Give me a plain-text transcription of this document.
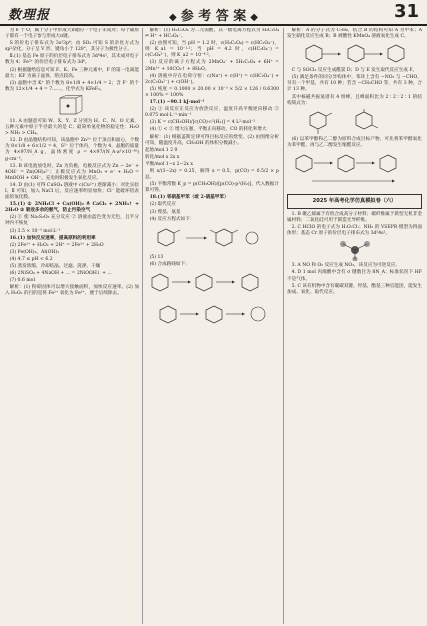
数理报	◆ 参 考 答 案 ◆	31

为 6 个 O，属于分子中形成大π键的一个电子未成对；每个碳原子都有一个电子参与形成大π键。

S 的价电子排布式为 3s²3p⁴；由 SO₂ 可知 S 的杂化方式为 sp²杂化，分子呈 V 形，键角小于 120°，其分子为极性分子。

Ⅱ.(1) 基态 Fe 原子的价层电子排布式为 3d⁶4s²，其未成对电子数为 4；Fe²⁺ 的价层电子排布式为 3d⁶。

(2) 根据题给信息可知 F、K、Fe 三种元素中，F 的第一电离能最大；KF 为离子晶体，熔点较高。

(3) 晶胞中含 K⁺ 的个数为 8×1/8 + 4×1/4 = 2；含 F⁻ 的个数为 12×1/4 + 4 = 7……，化学式为 KFeF₃。

11. A 由题意可知 W、X、Y、Z 分别为 H、C、N、O 元素，五种元素中原子半径最大的是 C；最简单氢化物的稳定性：H₂O > NH₃ > CH₄。

12. D 由晶胞结构可知，该晶胞中 Zn²⁺ 位于顶点和面心，个数为 8×1/8 + 6×1/2 = 4，S²⁻ 位于体内，个数为 4，晶胞的质量为 4×97/N_A g，晶体密度 ρ = 4×97/(N_A·a³×10⁻³⁰) g·cm⁻³。

13. B 该电池放电时，Zn 为负极，电极反应式为 Zn − 2e⁻ + 4OH⁻ = Zn(OH)₄²⁻；正极反应式为 MnO₂ + e⁻ + H₂O = MnOOH + OH⁻。充电时阳极发生氧化反应。

14. D 由(1) 可得 CuSO₄ 溶液中 c(Cu²⁺) 逐渐减小；对比实验 Ⅰ、Ⅱ 可知，加入 NaCl 后，反应速率明显加快；Cl⁻ 能破坏铝表面的氧化膜。

15.(1) ① 2NH₄Cl + Ca(OH)₂ ≜ CaCl₂ + 2NH₃↑ + 2H₂O ② 吸收多余的氨气，防止污染空气

(2) ① 使 Na₂S₂O₃ 充分反应 ② 溶液由蓝色变为无色，且半分钟内不恢复

(3) 3.5 × 10⁻³ mol·L⁻¹

16.(1) 加快反应速率，提高原料的利用率

(2) 2Fe²⁺ + H₂O₂ + 2H⁺ = 2Fe³⁺ + 2H₂O

(3) Fe(OH)₃、Al(OH)₃

(4) 4.7 ≤ pH < 6.2

(5) 蒸发浓缩、冷却结晶、过滤、洗涤、干燥

(6) 2NiSO₄ + 4NaOH + ... = 2NiOOH↓ + ...

(7) 0.6 mol

解析：(1) 粉碎固体可以增大接触面积，加快反应速率。(2) 加入 H₂O₂ 的目的是将 Fe²⁺ 氧化为 Fe³⁺，便于后续除去。

解析：(1) H₂C₂O₄ 为二元弱酸，其一级电离方程式为 H₂C₂O₄ ⇌ H⁺ + HC₂O₄⁻。

(2) 由图可知，当 pH = 1.2 时，c(H₂C₂O₄) = c(HC₂O₄⁻)，则 K_a1 = 10⁻¹·²；当 pH = 4.2 时，c(HC₂O₄⁻) = c(C₂O₄²⁻)，则 K_a2 = 10⁻⁴·²。

(3) 反应的离子方程式为 2MnO₄⁻ + 5H₂C₂O₄ + 6H⁺ = 2Mn²⁺ + 10CO₂↑ + 8H₂O。

(4) 溶液中存在电荷守恒：c(Na⁺) + c(H⁺) = c(HC₂O₄⁻) + 2c(C₂O₄²⁻) + c(OH⁻)。

(5) 纯度 = 0.1000 × 20.00 × 10⁻³ × 5/2 × 126 / 0.6300 × 100% = 100%

17.(1) −90.1 kJ·mol⁻¹

(2) ① 该反应正反应为放热反应，温度升高平衡逆向移动 ② 0.075 mol·L⁻¹·min⁻¹

(3) K = c(CH₃OH)/[c(CO)·c²(H₂)] = 4 L²·mol⁻²

(4) ① < ② 增大压强，平衡正向移动，CO 的转化率增大

解析：(1) 根据盖斯定律可得目标反应的焓变。(2) 由图像分析可知，随温度升高，CH₃OH 的体积分数减小。

起始/mol 1 2 0

转化/mol x 2x x

平衡/mol 1−x 2−2x x

则 x/(3−2x) = 0.25，解得 x = 0.5，p(CO) = 0.5/2 × p 总。

(5) 平衡常数 K_p = p(CH₃OH)/[p(CO)·p²(H₂)]，代入数据计算可得。

18.(1) 邻硝基甲苯（或 2-硝基甲苯）

(2) 取代反应

(3) 羧基、氨基

(4) 反应方程式如下：

(5) 13

(6) 合成路线如下：

解析：A 的分子式为 C₇H₈，结合 B 的结构可知 A 为甲苯；A 发生硝化反应生成 B；B 被酸性 KMnO₄ 溶液氧化生成 C。

C 与 SOCl₂ 反应生成酰氯 D；D 与 E 发生取代反应生成 F。

(5) 满足条件的同分异构体中，苯环上含有 −NO₂ 与 −CHO，另有一个甲基，共有 10 种；若含 −CH₂CHO 等，共有 3 种，合计 13 种。

其中核磁共振氢谱有 4 组峰，且峰面积比为 2∶2∶2∶1 的结构简式为：

(6) 以苯甲醇和乙二醇为原料合成目标产物，可先将苯甲醇氧化为苯甲醛，再与乙二醇发生缩醛反应。

2025 年高考化学仿真模拟卷（六）

1. B 聚乙烯属于有机合成高分子材料；碳纤维属于新型无机非金属材料；二氧化硅可用于制造光导纤维。

2. C HClO 的电子式为 H:O:Cl:；NH₃ 的 VSEPR 模型为四面体形；基态 Cr 原子的价层电子排布式为 3d⁵4s¹。

3. A NO 和 O₂ 反应生成 NO₂，该反应为可逆反应。

4. D 1 mol 丙烯酸中含有 σ 键数目为 8N_A；标准状况下 HF 不是气体。

5. C 该有机物中含有碳碳双键、羟基、酯基三种官能团，能发生加成、氧化、取代反应。
